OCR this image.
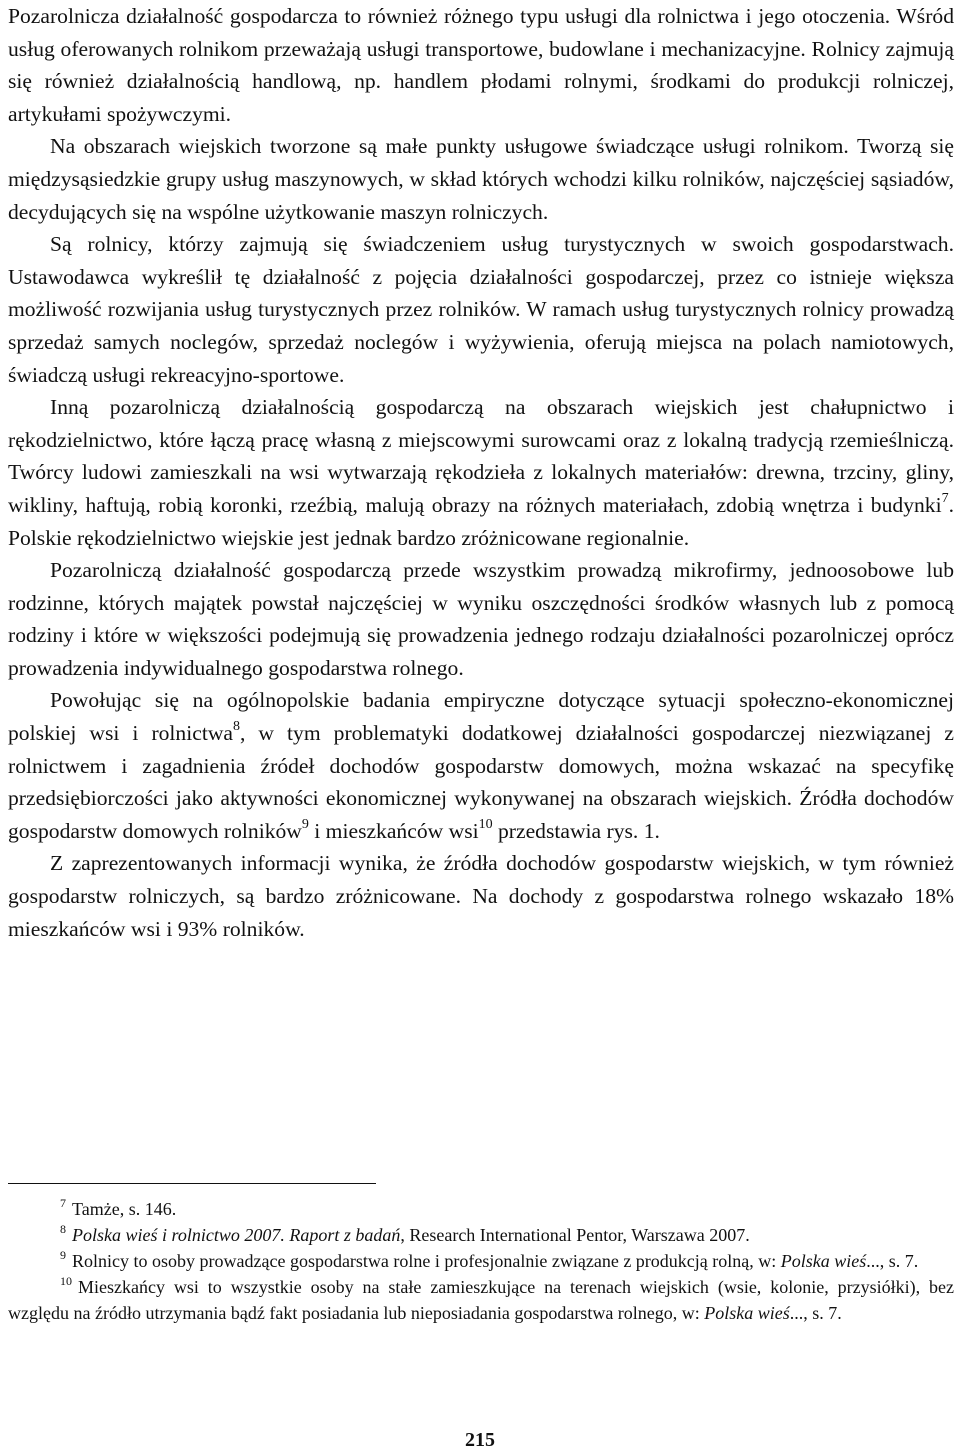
Pozarolnicza działalność gospodarcza to również różnego typu usługi dla rolnictwa i jego otoczenia. Wśród usług oferowanych rolnikom przeważają usługi transportowe, budowlane i mechanizacyjne. Rolnicy zajmują się również działalnością handlową, np. handlem płodami rolnymi, środkami do produkcji rolniczej, artykułami spożywczymi.

Na obszarach wiejskich tworzone są małe punkty usługowe świadczące usługi rolnikom. Tworzą się międzysąsiedzkie grupy usług maszynowych, w skład których wchodzi kilku rolników, najczęściej sąsiadów, decydujących się na wspólne użytkowanie maszyn rolniczych.

Są rolnicy, którzy zajmują się świadczeniem usług turystycznych w swoich gospodarstwach. Ustawodawca wykreślił tę działalność z pojęcia działalności gospodarczej, przez co istnieje większa możliwość rozwijania usług turystycznych przez rolników. W ramach usług turystycznych rolnicy prowadzą sprzedaż samych noclegów, sprzedaż noclegów i wyżywienia, oferują miejsca na polach namiotowych, świadczą usługi rekreacyjno-sportowe.

Inną pozarolniczą działalnością gospodarczą na obszarach wiejskich jest chałupnictwo i rękodzielnictwo, które łączą pracę własną z miejscowymi surowcami oraz z lokalną tradycją rzemieślniczą. Twórcy ludowi zamieszkali na wsi wytwarzają rękodzieła z lokalnych materiałów: drewna, trzciny, gliny, wikliny, haftują, robią koronki, rzeźbią, malują obrazy na różnych materiałach, zdobią wnętrza i budynki$^7$. Polskie rękodzielnictwo wiejskie jest jednak bardzo zróżnicowane regionalnie.

Pozarolniczą działalność gospodarczą przede wszystkim prowadzą mikrofirmy, jednoosobowe lub rodzinne, których majątek powstał najczęściej w wyniku oszczędności środków własnych lub z pomocą rodziny i które w większości podejmują się prowadzenia jednego rodzaju działalności pozarolniczej oprócz prowadzenia indywidualnego gospodarstwa rolnego.

Powołując się na ogólnopolskie badania empiryczne dotyczące sytuacji społeczno-ekonomicznej polskiej wsi i rolnictwa$^8$, w tym problematyki dodatkowej działalności gospodarczej niezwiązanej z rolnictwem i zagadnienia źródeł dochodów gospodarstw domowych, można wskazać na specyfikę przedsiębiorczości jako aktywności ekonomicznej wykonywanej na obszarach wiejskich. Źródła dochodów gospodarstw domowych rolników$^9$ i mieszkańców wsi$^{10}$ przedstawia rys. 1.

Z zaprezentowanych informacji wynika, że źródła dochodów gospodarstw wiejskich, w tym również gospodarstw rolniczych, są bardzo zróżnicowane. Na dochody z gospodarstwa rolnego wskazało 18% mieszkańców wsi i 93% rolników.

$^7$ Tamże, s. 146.

$^8$ Polska wieś i rolnictwo 2007. Raport z badań, Research International Pentor, Warszawa 2007.

$^9$ Rolnicy to osoby prowadzące gospodarstwa rolne i profesjonalnie związane z produkcją rolną, w: Polska wieś..., s. 7.

$^{10}$ Mieszkańcy wsi to wszystkie osoby na stałe zamieszkujące na terenach wiejskich (wsie, kolonie, przysiółki), bez względu na źródło utrzymania bądź fakt posiadania lub nieposiadania gospodarstwa rolnego, w: Polska wieś..., s. 7.

215
